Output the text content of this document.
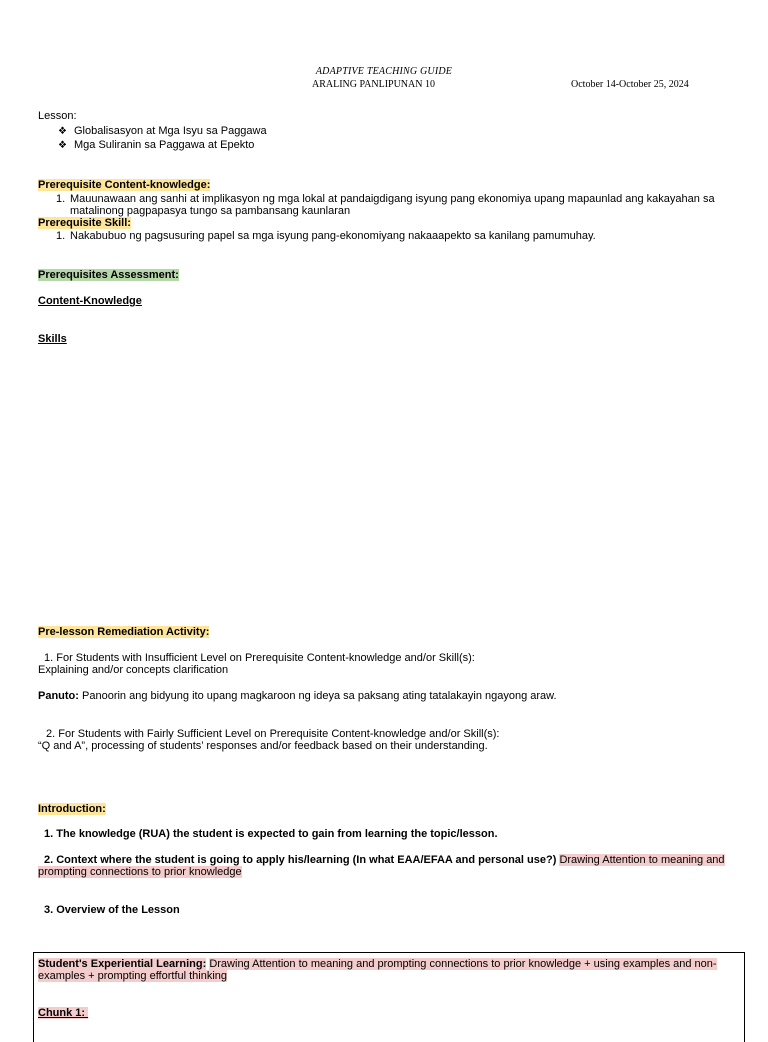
ADAPTIVE TEACHING GUIDE
ARALING PANLIPUNAN 10	October 14-October 25, 2024
Lesson:
❖ Globalisasyon at Mga Isyu sa Paggawa
❖ Mga Suliranin sa Paggawa at Epekto
Prerequisite Content-knowledge:
1. Mauunawaan ang sanhi at implikasyon ng mga lokal at pandaigdigang isyung pang ekonomiya upang mapaunlad ang kakayahan sa
matalinong pagpapasya tungo sa pambansang kaunlaran
Prerequisite Skill:
1. Nakabubuo ng pagsusuring papel sa mga isyung pang-ekonomiyang nakaaapekto sa kanilang pamumuhay.
Prerequisites Assessment:
Content-Knowledge
Skills
Pre-lesson Remediation Activity:
1. For Students with Insufficient Level on Prerequisite Content-knowledge and/or Skill(s):
Explaining and/or concepts clarification
Panuto: Panoorin ang bidyung ito upang magkaroon ng ideya sa paksang ating tatalakayin ngayong araw.
2. For Students with Fairly Sufficient Level on Prerequisite Content-knowledge and/or Skill(s):
“Q and A”, processing of students’ responses and/or feedback based on their understanding.
Introduction:
1. The knowledge (RUA) the student is expected to gain from learning the topic/lesson.
2. Context where the student is going to apply his/learning (In what EAA/EFAA and personal use?) Drawing Attention to meaning and
prompting connections to prior knowledge
3. Overview of the Lesson
Student's Experiential Learning: Drawing Attention to meaning and prompting connections to prior knowledge + using examples and non-
examples + prompting effortful thinking
Chunk 1:
